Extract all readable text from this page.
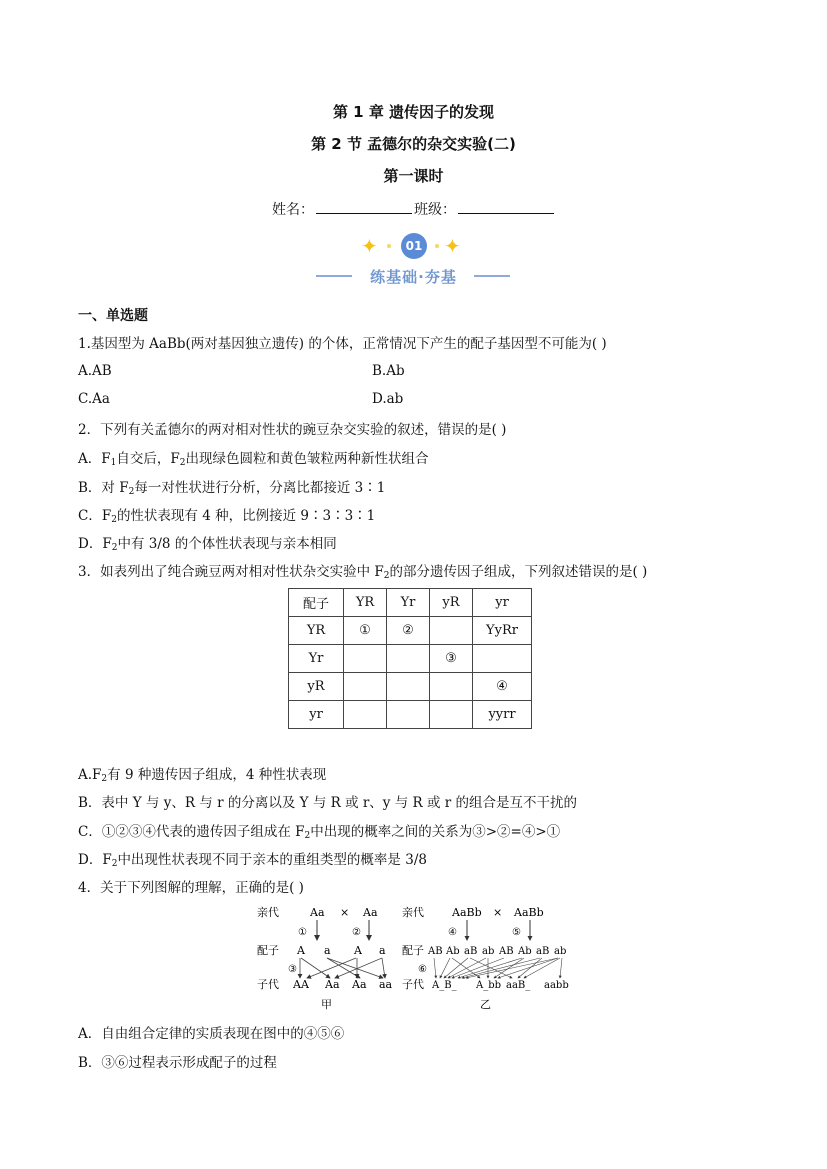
第 1 章 遗传因子的发现
第 2 节 孟德尔的杂交实验(二)
第一课时
姓名：	班级：
✦	01 ✦
练基础·夯基
一、单选题
1.基因型为 AaBb(两对基因独立遗传) 的个体，正常情况下产生的配子基因型不可能为( )
A.AB	B.Ab
C.Aa	D.ab
2．下列有关孟德尔的两对相对性状的豌豆杂交实验的叙述，错误的是( )
A．$F_1$自交后，$F_2$出现绿色圆粒和黄色皱粒两种新性状组合
B．对 $F_2$每一对性状进行分析，分离比都接近 3∶1
C．$F_2$的性状表现有 4 种，比例接近 9∶3∶3∶1
D．$F_2$中有 3/8 的个体性状表现与亲本相同
3．如表列出了纯合豌豆两对相对性状杂交实验中 $F_2$的部分遗传因子组成，下列叙述错误的是( )
配子	YR	Yr	yR	yr
YR	①	②		YyRr
Yr			③	
yR				④
yr				yyrr
$A.F_2$有 9 种遗传因子组成，4 种性状表现
B．表中 Y 与 y、R 与 r 的分离以及 Y 与 R 或 r、y 与 R 或 r 的组合是互不干扰的
C．①②③④代表的遗传因子组成在 $F_2$中出现的概率之间的关系为③>②=④>①
D．$F_2$中出现性状表现不同于亲本的重组类型的概率是 3/8
4．关于下列图解的理解，正确的是( )
亲代	Aa × Aa
①	②
配子 A a A a
③
子代 AA Aa Aa aa
甲
亲代	AaBb × AaBb
④	⑤
配子 AB Ab aB ab AB Ab aB ab
⑥
子代 A_B_ A_bb aaB_ aabb
乙
A．自由组合定律的实质表现在图中的④⑤⑥
B．③⑥过程表示形成配子的过程
